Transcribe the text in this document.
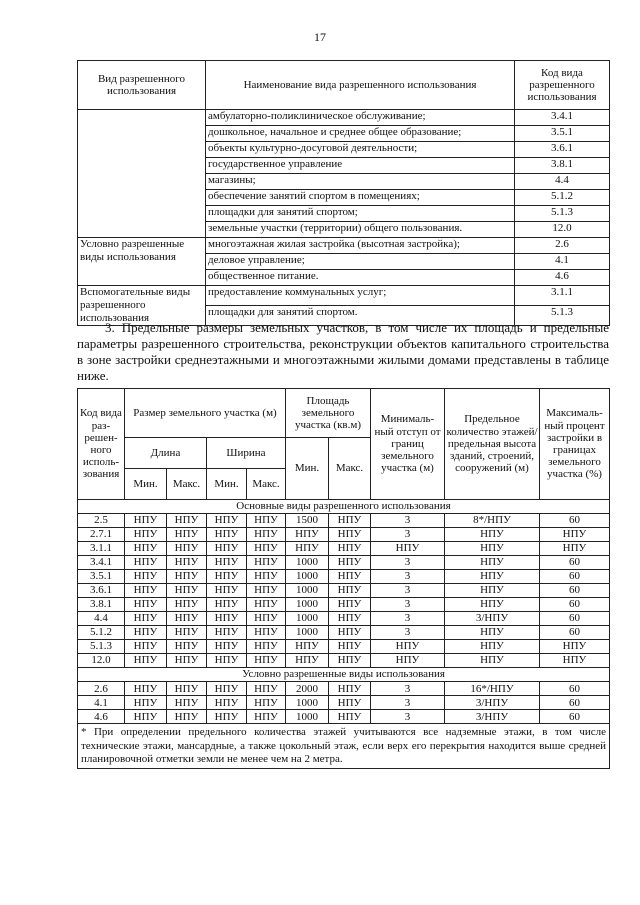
17
Вид разрешенного использования	Наименование вида разрешенного использования	Код вида разрешенного использования
	амбулаторно-поликлиническое обслуживание;	3.4.1
	дошкольное, начальное и среднее общее образование;	3.5.1
	объекты культурно-досуговой деятельности;	3.6.1
	государственное управление	3.8.1
	магазины;	4.4
	обеспечение занятий спортом в помещениях;	5.1.2
	площадки для занятий спортом;	5.1.3
	земельные участки (территории) общего пользования.	12.0
Условно разрешенные виды использования	многоэтажная жилая застройка (высотная застройка);	2.6
	деловое управление;	4.1
	общественное питание.	4.6
Вспомогательные виды разрешенного использования	предоставление коммунальных услуг;	3.1.1
	площадки для занятий спортом.	5.1.3
3. Предельные размеры земельных участков, в том числе их площадь и предельные параметры разрешенного строительства, реконструкции объектов капитального строительства в зоне застройки среднеэтажными и многоэтажными жилыми домами представлены в таблице ниже.
Код вида раз-решен-ного исполь-зования	Размер земельного участка (м)				Площадь земельного участка (кв.м)		Минималь-ный отступ от границ земельного участка (м)	Предельное количество этажей/ предельная высота зданий, строений, сооружений (м)	Максималь-ный процент застройки в границах земельного участка (%)
	Длина		Ширина		Мин.	Макс.			
	Мин.	Макс.	Мин.	Макс.					
Основные виды разрешенного использования									
2.5	НПУ	НПУ	НПУ	НПУ	1500	НПУ	3	8*/НПУ	60
2.7.1	НПУ	НПУ	НПУ	НПУ	НПУ	НПУ	3	НПУ	НПУ
3.1.1	НПУ	НПУ	НПУ	НПУ	НПУ	НПУ	НПУ	НПУ	НПУ
3.4.1	НПУ	НПУ	НПУ	НПУ	1000	НПУ	3	НПУ	60
3.5.1	НПУ	НПУ	НПУ	НПУ	1000	НПУ	3	НПУ	60
3.6.1	НПУ	НПУ	НПУ	НПУ	1000	НПУ	3	НПУ	60
3.8.1	НПУ	НПУ	НПУ	НПУ	1000	НПУ	3	НПУ	60
4.4	НПУ	НПУ	НПУ	НПУ	1000	НПУ	3	3/НПУ	60
5.1.2	НПУ	НПУ	НПУ	НПУ	1000	НПУ	3	НПУ	60
5.1.3	НПУ	НПУ	НПУ	НПУ	НПУ	НПУ	НПУ	НПУ	НПУ
12.0	НПУ	НПУ	НПУ	НПУ	НПУ	НПУ	НПУ	НПУ	НПУ
Условно разрешенные виды использования									
2.6	НПУ	НПУ	НПУ	НПУ	2000	НПУ	3	16*/НПУ	60
4.1	НПУ	НПУ	НПУ	НПУ	1000	НПУ	3	3/НПУ	60
4.6	НПУ	НПУ	НПУ	НПУ	1000	НПУ	3	3/НПУ	60
* При определении предельного количества этажей учитываются все надземные этажи, в том числе технические этажи, мансардные, а также цокольный этаж, если верх его перекрытия находится выше средней планировочной отметки земли не менее чем на 2 метра.									
